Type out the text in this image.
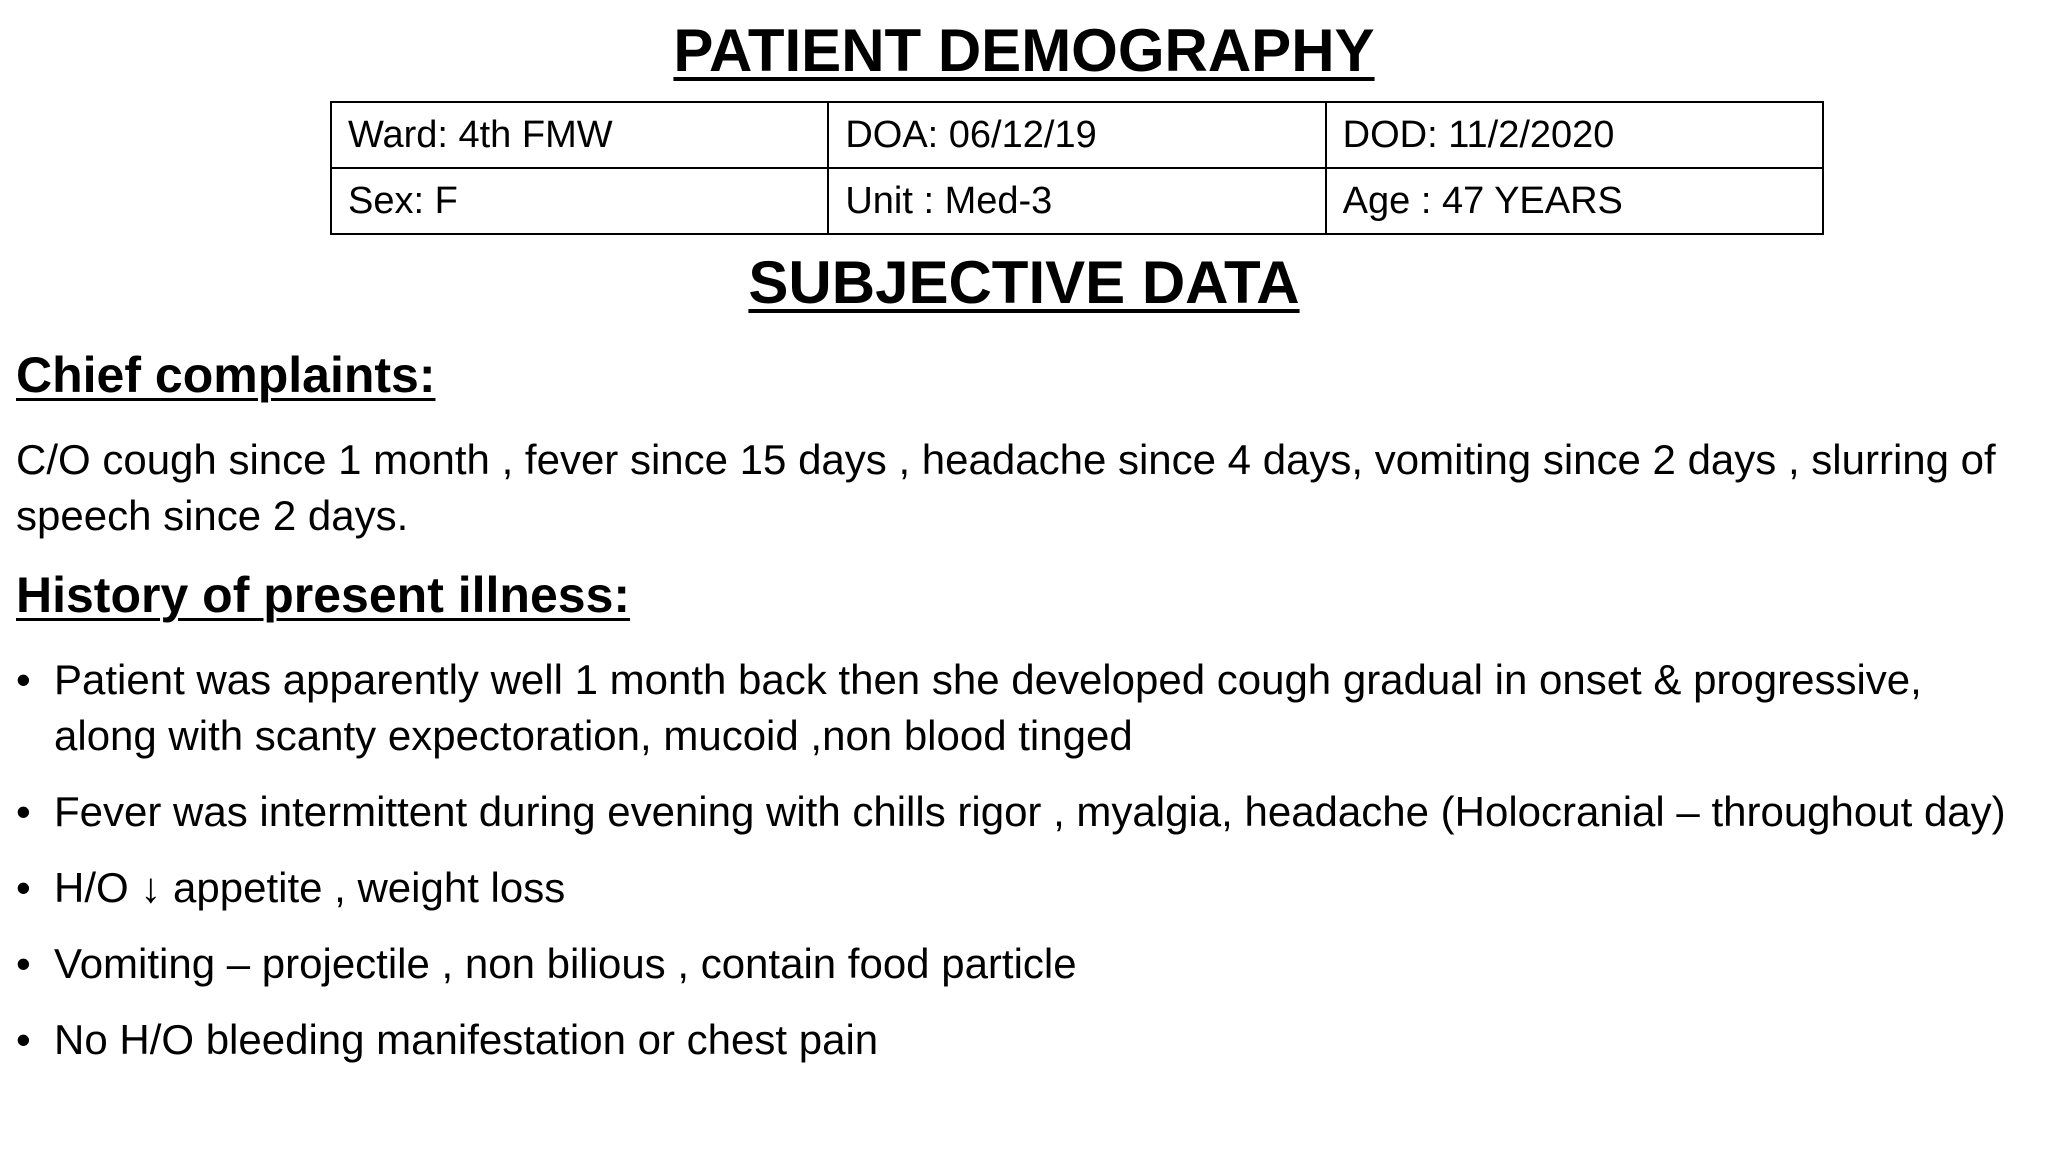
PATIENT DEMOGRAPHY
Ward: 4th FMW	DOA: 06/12/19	DOD: 11/2/2020
Sex: F	Unit : Med-3	Age : 47 YEARS
SUBJECTIVE DATA
Chief complaints:

C/O cough since 1 month , fever since 15 days , headache since 4 days, vomiting since 2 days , slurring of speech since 2 days.

History of present illness:
• Patient was apparently well 1 month back then she developed cough gradual in onset & progressive, along with scanty expectoration, mucoid ,non blood tinged
• Fever was intermittent during evening with chills rigor , myalgia, headache (Holocranial – throughout day)
• H/O ↓ appetite , weight loss
• Vomiting – projectile , non bilious , contain food particle
• No H/O bleeding manifestation or chest pain
